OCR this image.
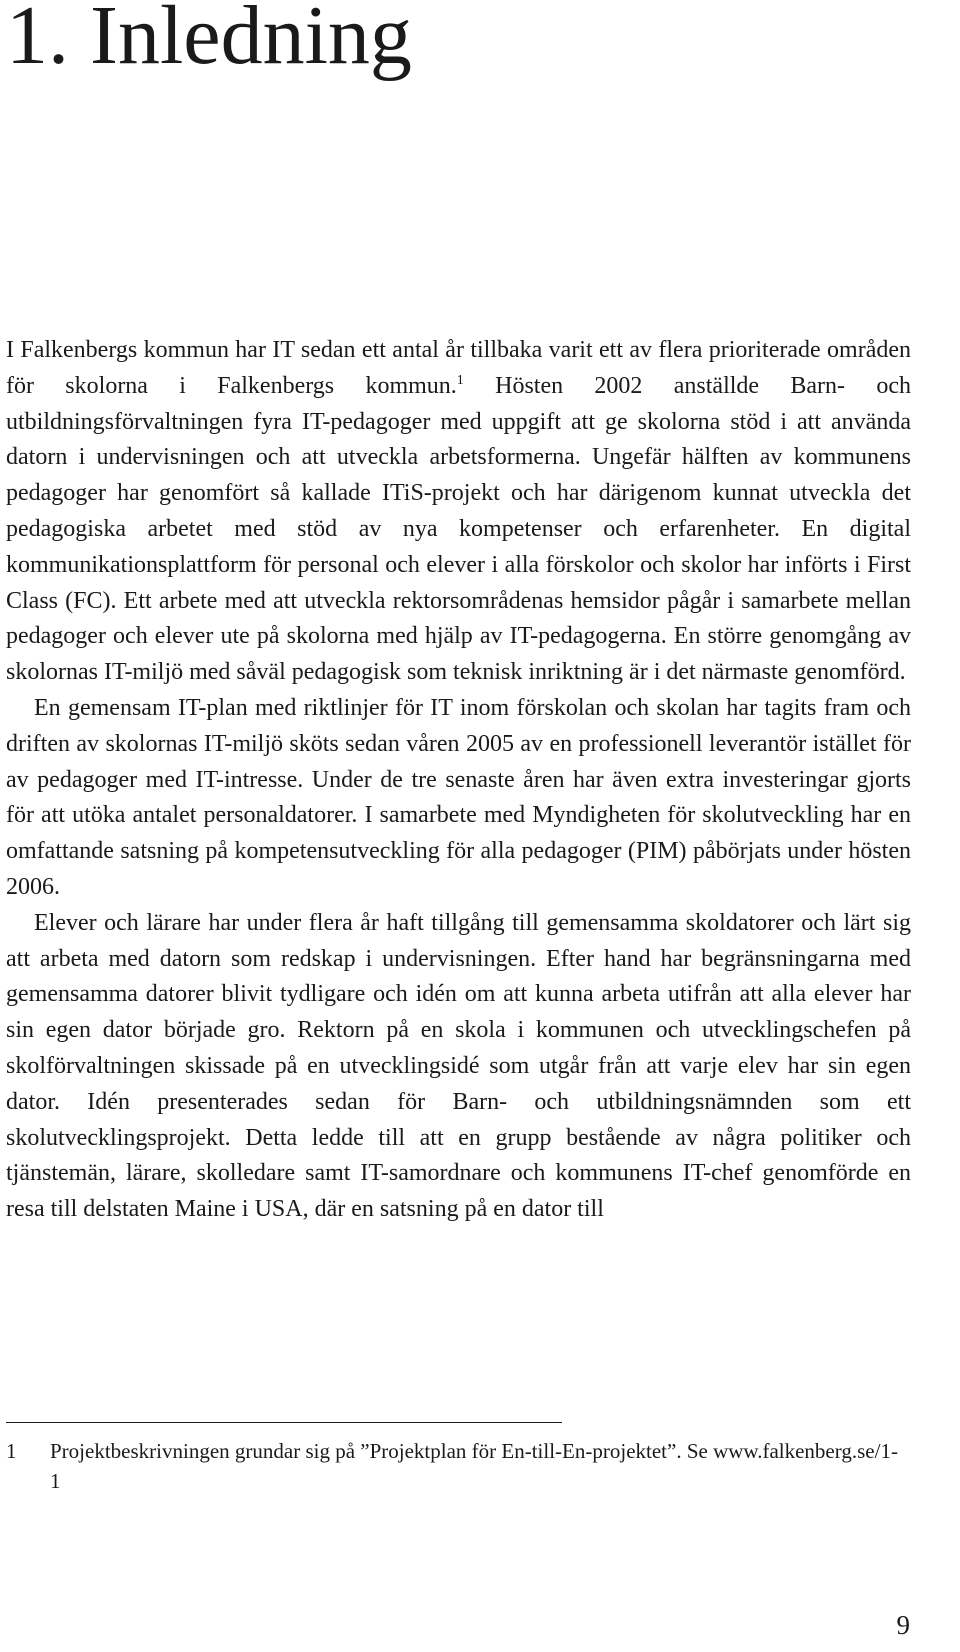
1. Inledning

I Falkenbergs kommun har IT sedan ett antal år tillbaka varit ett av flera prioriterade områden för skolorna i Falkenbergs kommun.$^1$ Hösten 2002 anställde Barn- och utbildningsförvaltningen fyra IT-pedagoger med uppgift att ge skolorna stöd i att använda datorn i undervisningen och att utveckla arbetsformerna. Ungefär hälften av kommunens pedagoger har genomfört så kallade ITiS-projekt och har därigenom kunnat utveckla det pedagogiska arbetet med stöd av nya kompetenser och erfarenheter. En digital kommunikationsplattform för personal och elever i alla förskolor och skolor har införts i First Class (FC). Ett arbete med att utveckla rektorsområdenas hemsidor pågår i samarbete mellan pedagoger och elever ute på skolorna med hjälp av IT-pedagogerna. En större genomgång av skolornas IT-miljö med såväl pedagogisk som teknisk inriktning är i det närmaste genomförd.

En gemensam IT-plan med riktlinjer för IT inom förskolan och skolan har tagits fram och driften av skolornas IT-miljö sköts sedan våren 2005 av en professionell leverantör istället för av pedagoger med IT-intresse. Under de tre senaste åren har även extra investeringar gjorts för att utöka antalet personaldatorer. I samarbete med Myndigheten för skolutveckling har en omfattande satsning på kompetensutveckling för alla pedagoger (PIM) påbörjats under hösten 2006.

Elever och lärare har under flera år haft tillgång till gemensamma skoldatorer och lärt sig att arbeta med datorn som redskap i undervisningen. Efter hand har begränsningarna med gemensamma datorer blivit tydligare och idén om att kunna arbeta utifrån att alla elever har sin egen dator började gro. Rektorn på en skola i kommunen och utvecklingschefen på skolförvaltningen skissade på en utvecklingsidé som utgår från att varje elev har sin egen dator. Idén presenterades sedan för Barn- och utbildningsnämnden som ett skolutvecklingsprojekt. Detta ledde till att en grupp bestående av några politiker och tjänstemän, lärare, skolledare samt IT-samordnare och kommunens IT-chef genomförde en resa till delstaten Maine i USA, där en satsning på en dator till

1 Projektbeskrivningen grundar sig på ”Projektplan för En-till-En-projektet”. Se www.falkenberg.se/1-1
9
